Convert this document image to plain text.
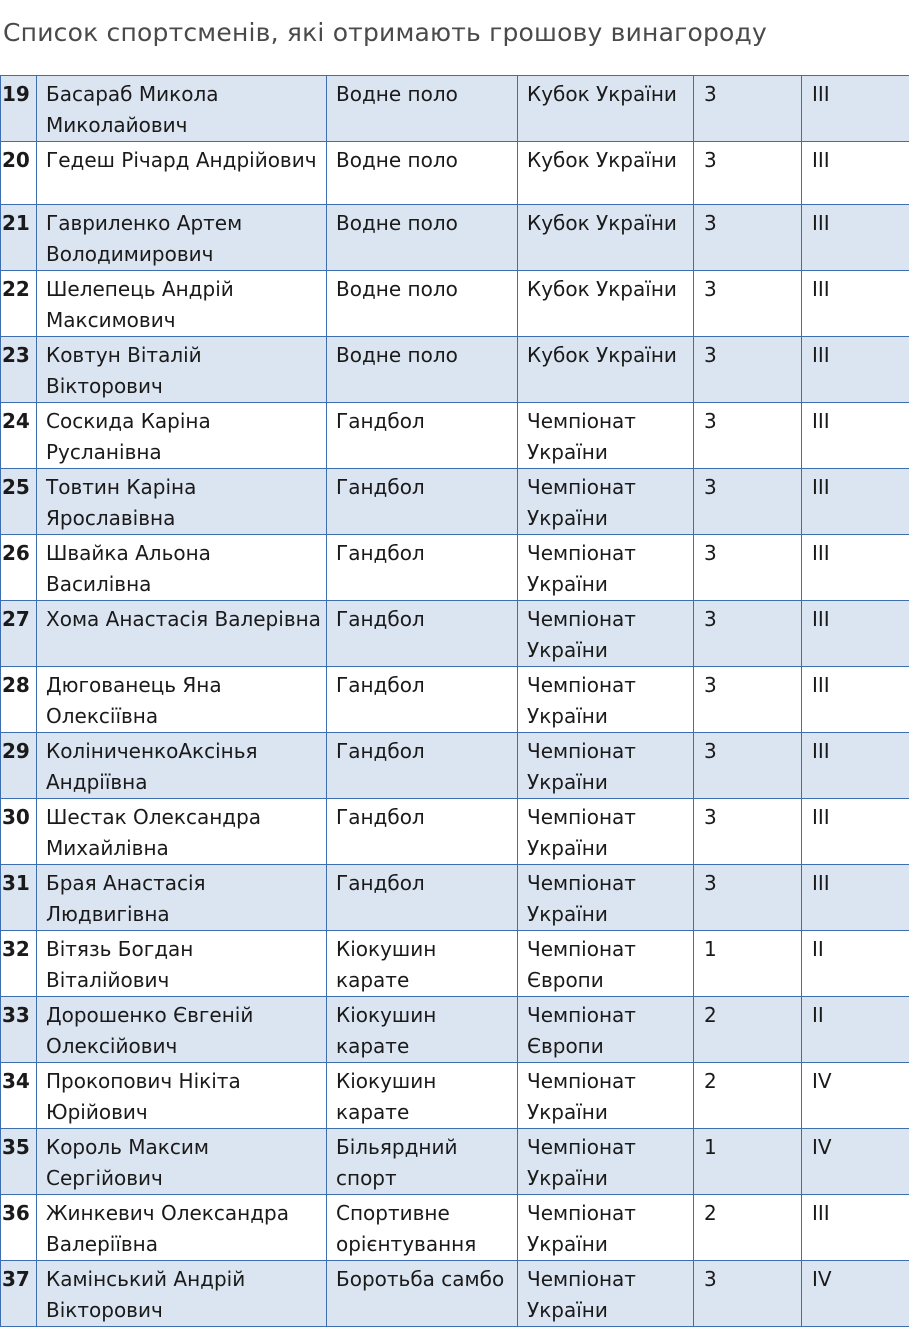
Список спортсменів, які отримають грошову винагороду
19	Басараб Микола Миколайович	Водне поло	Кубок України	3	III
20	Гедеш Річард Андрійович	Водне поло	Кубок України	3	III
21	Гавриленко Артем Володимирович	Водне поло	Кубок України	3	III
22	Шелепець Андрій Максимович	Водне поло	Кубок України	3	III
23	Ковтун Віталій Вікторович	Водне поло	Кубок України	3	III
24	Соскида Каріна Русланівна	Гандбол	Чемпіонат України	3	III
25	Товтин Каріна Ярославівна	Гандбол	Чемпіонат України	3	III
26	Швайка Альона Василівна	Гандбол	Чемпіонат України	3	III
27	Хома Анастасія Валерівна	Гандбол	Чемпіонат України	3	III
28	Дюгованець Яна Олексіївна	Гандбол	Чемпіонат України	3	III
29	КоліниченкоАксінья Андріївна	Гандбол	Чемпіонат України	3	III
30	Шестак Олександра Михайлівна	Гандбол	Чемпіонат України	3	III
31	Брая Анастасія Людвигівна	Гандбол	Чемпіонат України	3	III
32	Вітязь Богдан Віталійович	Кіокушин карате	Чемпіонат Європи	1	II
33	Дорошенко Євгеній Олексійович	Кіокушин карате	Чемпіонат Європи	2	II
34	Прокопович Нікіта Юрійович	Кіокушин карате	Чемпіонат України	2	IV
35	Король Максим Сергійович	Більярдний спорт	Чемпіонат України	1	IV
36	Жинкевич Олександра Валеріївна	Спортивне орієнтування	Чемпіонат України	2	III
37	Камінський Андрій Вікторович	Боротьба самбо	Чемпіонат України	3	IV
